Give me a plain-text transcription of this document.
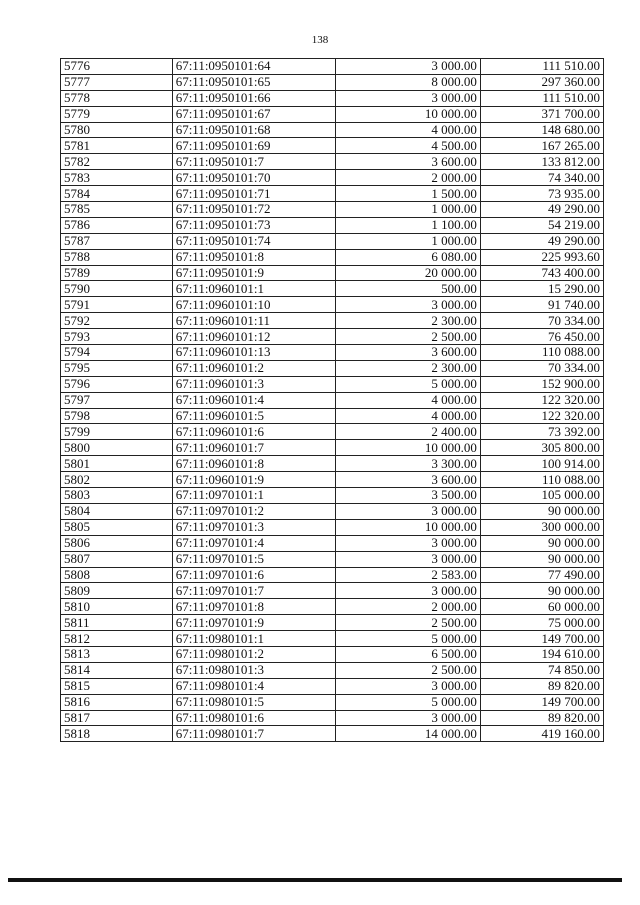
138
5776	67:11:0950101:64	3 000.00	111 510.00
5777	67:11:0950101:65	8 000.00	297 360.00
5778	67:11:0950101:66	3 000.00	111 510.00
5779	67:11:0950101:67	10 000.00	371 700.00
5780	67:11:0950101:68	4 000.00	148 680.00
5781	67:11:0950101:69	4 500.00	167 265.00
5782	67:11:0950101:7	3 600.00	133 812.00
5783	67:11:0950101:70	2 000.00	74 340.00
5784	67:11:0950101:71	1 500.00	73 935.00
5785	67:11:0950101:72	1 000.00	49 290.00
5786	67:11:0950101:73	1 100.00	54 219.00
5787	67:11:0950101:74	1 000.00	49 290.00
5788	67:11:0950101:8	6 080.00	225 993.60
5789	67:11:0950101:9	20 000.00	743 400.00
5790	67:11:0960101:1	500.00	15 290.00
5791	67:11:0960101:10	3 000.00	91 740.00
5792	67:11:0960101:11	2 300.00	70 334.00
5793	67:11:0960101:12	2 500.00	76 450.00
5794	67:11:0960101:13	3 600.00	110 088.00
5795	67:11:0960101:2	2 300.00	70 334.00
5796	67:11:0960101:3	5 000.00	152 900.00
5797	67:11:0960101:4	4 000.00	122 320.00
5798	67:11:0960101:5	4 000.00	122 320.00
5799	67:11:0960101:6	2 400.00	73 392.00
5800	67:11:0960101:7	10 000.00	305 800.00
5801	67:11:0960101:8	3 300.00	100 914.00
5802	67:11:0960101:9	3 600.00	110 088.00
5803	67:11:0970101:1	3 500.00	105 000.00
5804	67:11:0970101:2	3 000.00	90 000.00
5805	67:11:0970101:3	10 000.00	300 000.00
5806	67:11:0970101:4	3 000.00	90 000.00
5807	67:11:0970101:5	3 000.00	90 000.00
5808	67:11:0970101:6	2 583.00	77 490.00
5809	67:11:0970101:7	3 000.00	90 000.00
5810	67:11:0970101:8	2 000.00	60 000.00
5811	67:11:0970101:9	2 500.00	75 000.00
5812	67:11:0980101:1	5 000.00	149 700.00
5813	67:11:0980101:2	6 500.00	194 610.00
5814	67:11:0980101:3	2 500.00	74 850.00
5815	67:11:0980101:4	3 000.00	89 820.00
5816	67:11:0980101:5	5 000.00	149 700.00
5817	67:11:0980101:6	3 000.00	89 820.00
5818	67:11:0980101:7	14 000.00	419 160.00
